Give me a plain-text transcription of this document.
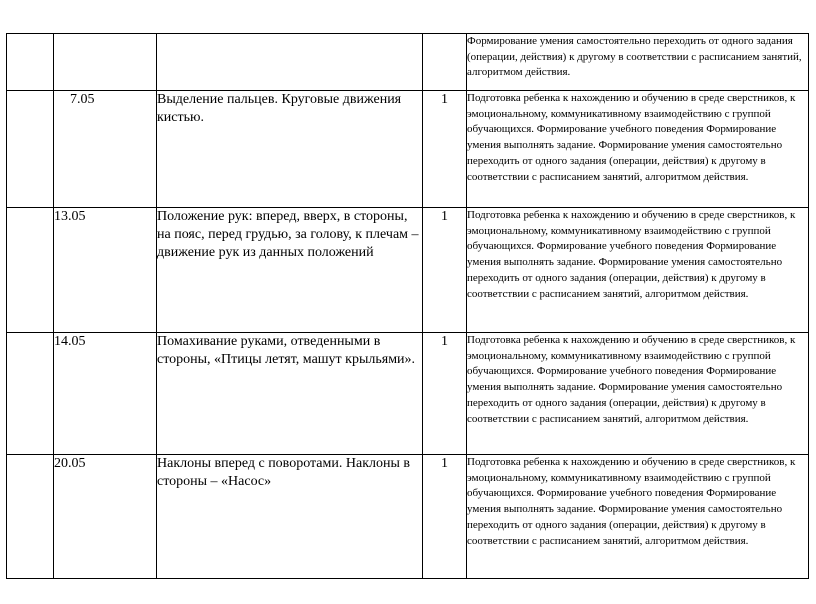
				Формирование умения самостоятельно переходить от одного задания (операции, действия) к другому в соответствии с расписанием занятий, алгоритмом действия.
	7.05	Выделение пальцев. Круговые движения кистью.	1	Подготовка ребенка к нахождению и обучению в среде сверстников, к эмоциональному, коммуникативному взаимодействию с группой обучающихся. Формирование учебного поведения Формирование умения выполнять задание. Формирование умения самостоятельно переходить от одного задания (операции, действия) к другому в соответствии с расписанием занятий, алгоритмом действия.
	13.05	Положение рук: вперед, вверх, в стороны, на пояс, перед грудью, за голову, к плечам – движение рук из данных положений	1	Подготовка ребенка к нахождению и обучению в среде сверстников, к эмоциональному, коммуникативному взаимодействию с группой обучающихся. Формирование учебного поведения Формирование умения выполнять задание. Формирование умения самостоятельно переходить от одного задания (операции, действия) к другому в соответствии с расписанием занятий, алгоритмом действия.
	14.05	Помахивание руками, отведенными в стороны, «Птицы летят, машут крыльями».	1	Подготовка ребенка к нахождению и обучению в среде сверстников, к эмоциональному, коммуникативному взаимодействию с группой обучающихся. Формирование учебного поведения Формирование умения выполнять задание. Формирование умения самостоятельно переходить от одного задания (операции, действия) к другому в соответствии с расписанием занятий, алгоритмом действия.
	20.05	Наклоны вперед с поворотами. Наклоны в стороны – «Насос»	1	Подготовка ребенка к нахождению и обучению в среде сверстников, к эмоциональному, коммуникативному взаимодействию с группой обучающихся. Формирование учебного поведения Формирование умения выполнять задание. Формирование умения самостоятельно переходить от одного задания (операции, действия) к другому в соответствии с расписанием занятий, алгоритмом действия.
